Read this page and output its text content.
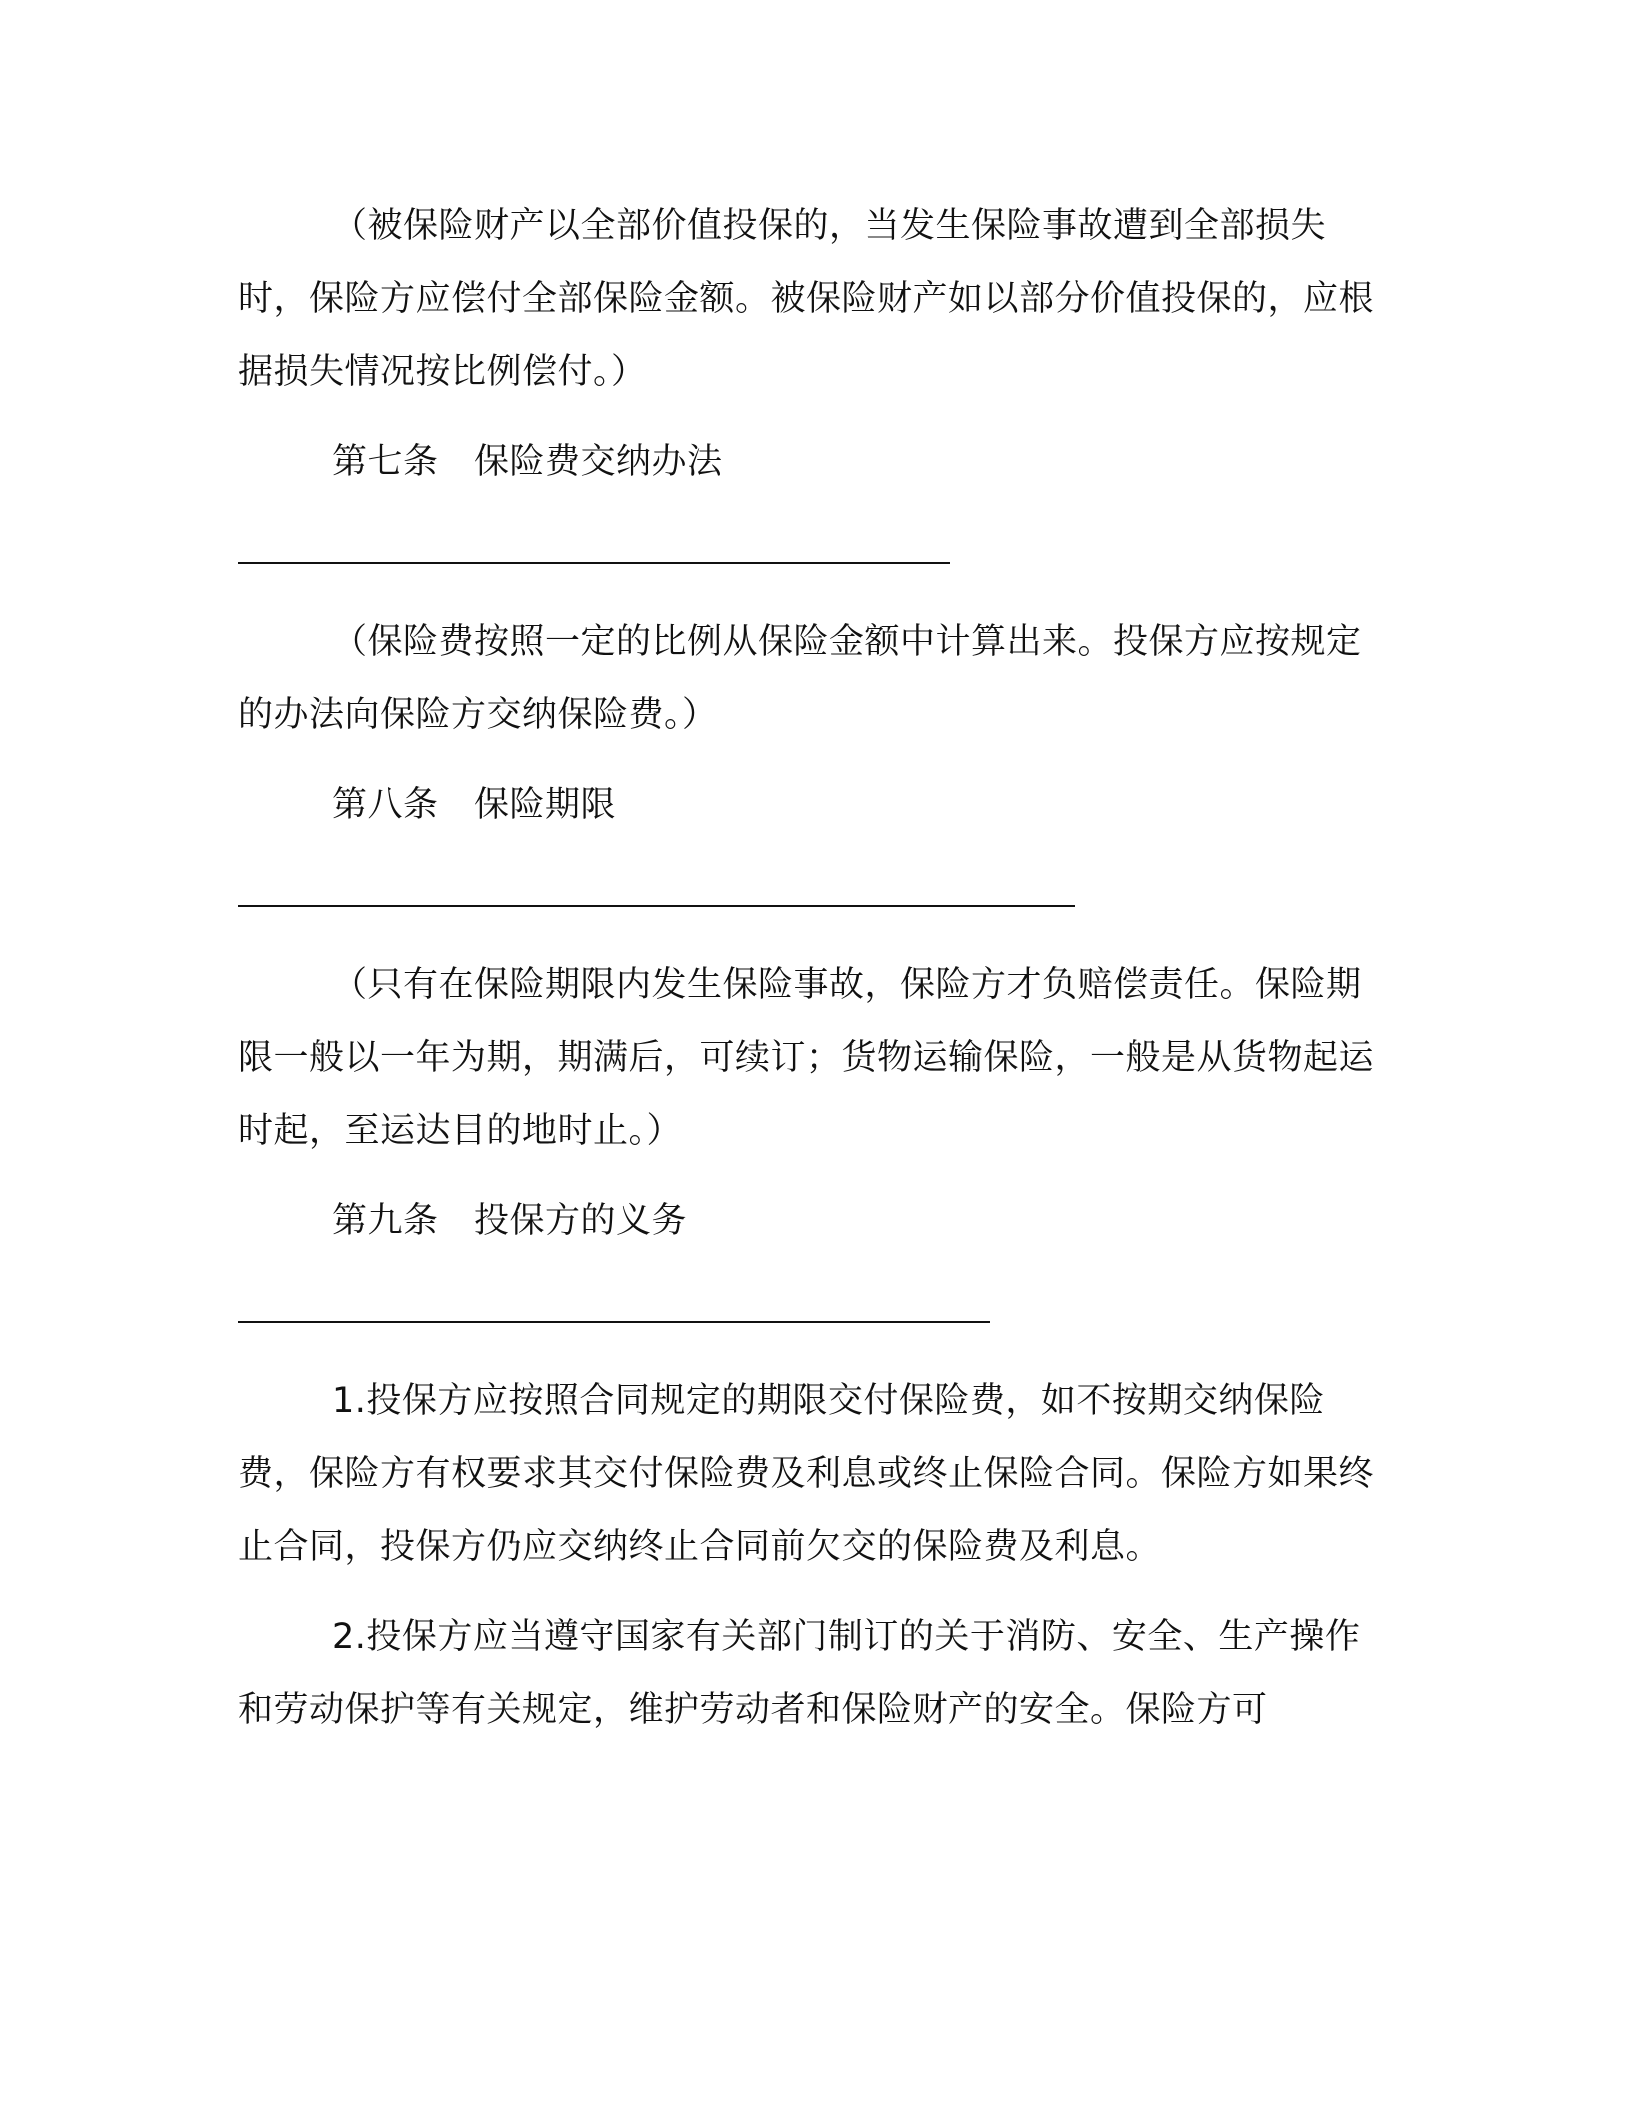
（被保险财产以全部价值投保的，当发生保险事故遭到全部损失时，保险方应偿付全部保险金额。被保险财产如以部分价值投保的，应根据损失情况按比例偿付。）

第七条　保险费交纳办法

（保险费按照一定的比例从保险金额中计算出来。投保方应按规定的办法向保险方交纳保险费。）

第八条　保险期限

（只有在保险期限内发生保险事故，保险方才负赔偿责任。保险期限一般以一年为期，期满后，可续订；货物运输保险，一般是从货物起运时起，至运达目的地时止。）

第九条　投保方的义务

1.投保方应按照合同规定的期限交付保险费，如不按期交纳保险费，保险方有权要求其交付保险费及利息或终止保险合同。保险方如果终止合同，投保方仍应交纳终止合同前欠交的保险费及利息。

2.投保方应当遵守国家有关部门制订的关于消防、安全、生产操作和劳动保护等有关规定，维护劳动者和保险财产的安全。保险方可
